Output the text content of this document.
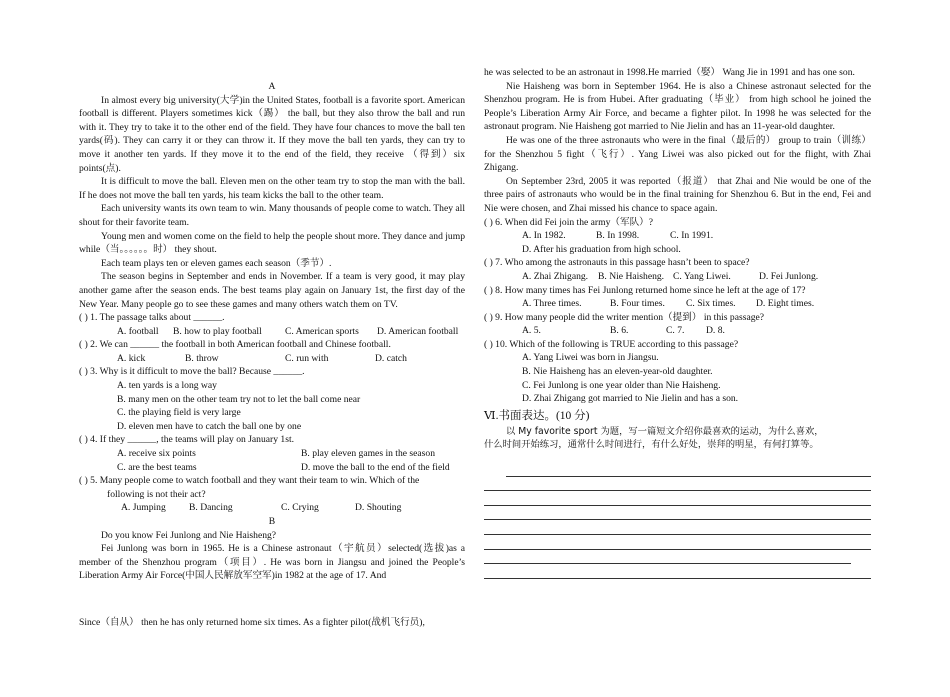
A

In almost every big university(大学)in the United States, football is a favorite sport. American football is different. Players sometimes kick（踢） the ball, but they also throw the ball and run with it. They try to take it to the other end of the field. They have four chances to move the ball ten yards(码). They can carry it or they can throw it. If they move the ball ten yards, they can try to move it another ten yards. If they move it to the end of the field, they receive （得到）six points(点).

It is difficult to move the ball. Eleven men on the other team try to stop the man with the ball. If he does not move the ball ten yards, his team kicks the ball to the other team.

Each university wants its own team to win. Many thousands of people come to watch. They all shout for their favorite team.

Young men and women come on the field to help the people shout more. They dance and jump while（当。。。。。。时） they shout.

Each team plays ten or eleven games each season（季节）.

The season begins in September and ends in November. If a team is very good, it may play another game after the season ends. The best teams play again on January 1st, the first day of the New Year. Many people go to see these games and many others watch them on TV.

( ) 1. The passage talks about ______.

A. football	B. how to play football	C. American sports	D. American football

( ) 2. We can ______ the football in both American football and Chinese football.

A. kick	B. throw	C. run with	D. catch

( ) 3. Why is it difficult to move the ball? Because ______.

A. ten yards is a long way

B. many men on the other team try not to let the ball come near

C. the playing field is very large

D. eleven men have to catch the ball one by one

( ) 4. If they ______, the teams will play on January 1st.

A. receive six points	B. play eleven games in the season
C. are the best teams	D. move the ball to the end of the field

( ) 5. Many people come to watch football and they want their team to win. Which of the

following is not their act?

A. Jumping	B. Dancing	C. Crying	D. Shouting

B

Do you know Fei Junlong and Nie Haisheng?

Fei Junlong was born in 1965. He is a Chinese astronaut（宇航员）selected(选拔)as a member of the Shenzhou program（项目）. He was born in Jiangsu and joined the People’s Liberation Army Air Force(中国人民解放军空军)in 1982 at the age of 17. And

Since（自从） then he has only returned home six times. As a fighter pilot(战机飞行员),

he was selected to be an astronaut in 1998.He married（娶） Wang Jie in 1991 and has one son.

Nie Haisheng was born in September 1964. He is also a Chinese astronaut selected for the Shenzhou program. He is from Hubei. After graduating（毕业） from high school he joined the People’s Liberation Army Air Force, and became a fighter pilot. In 1998 he was selected for the astronaut program. Nie Haisheng got married to Nie Jielin and has an 11-year-old daughter.

He was one of the three astronauts who were in the final（最后的） group to train（训练） for the Shenzhou 5 fight（飞行）. Yang Liwei was also picked out for the flight, with Zhai Zhigang.

On September 23rd, 2005 it was reported（报道） that Zhai and Nie would be one of the three pairs of astronauts who would be in the final training for Shenzhou 6. But in the end, Fei and Nie were chosen, and Zhai missed his chance to space again.

( ) 6. When did Fei join the army（军队）?

A. In 1982.	B. In 1998.	C. In 1991.

D. After his graduation from high school.

( ) 7. Who among the astronauts in this passage hasn’t been to space?

A. Zhai Zhigang.	B. Nie Haisheng. C. Yang Liwei.	D. Fei Junlong.

( ) 8. How many times has Fei Junlong returned home since he left at the age of 17?

A. Three times.	B. Four times.	C. Six times.	D. Eight times.

( ) 9. How many people did the writer mention（提到） in this passage?

A. 5.	B. 6.	C. 7.	D. 8.

( ) 10. Which of the following is TRUE according to this passage?

A. Yang Liwei was born in Jiangsu.

B. Nie Haisheng has an eleven-year-old daughter.

C. Fei Junlong is one year older than Nie Haisheng.

D. Zhai Zhigang got married to Nie Jielin and has a son.

Ⅵ.书面表达。(10 分)

以 My favorite sport 为题，写一篇短文介绍你最喜欢的运动，为什么喜欢，

什么时间开始练习，通常什么时间进行，有什么好处，崇拜的明星，有何打算等。
